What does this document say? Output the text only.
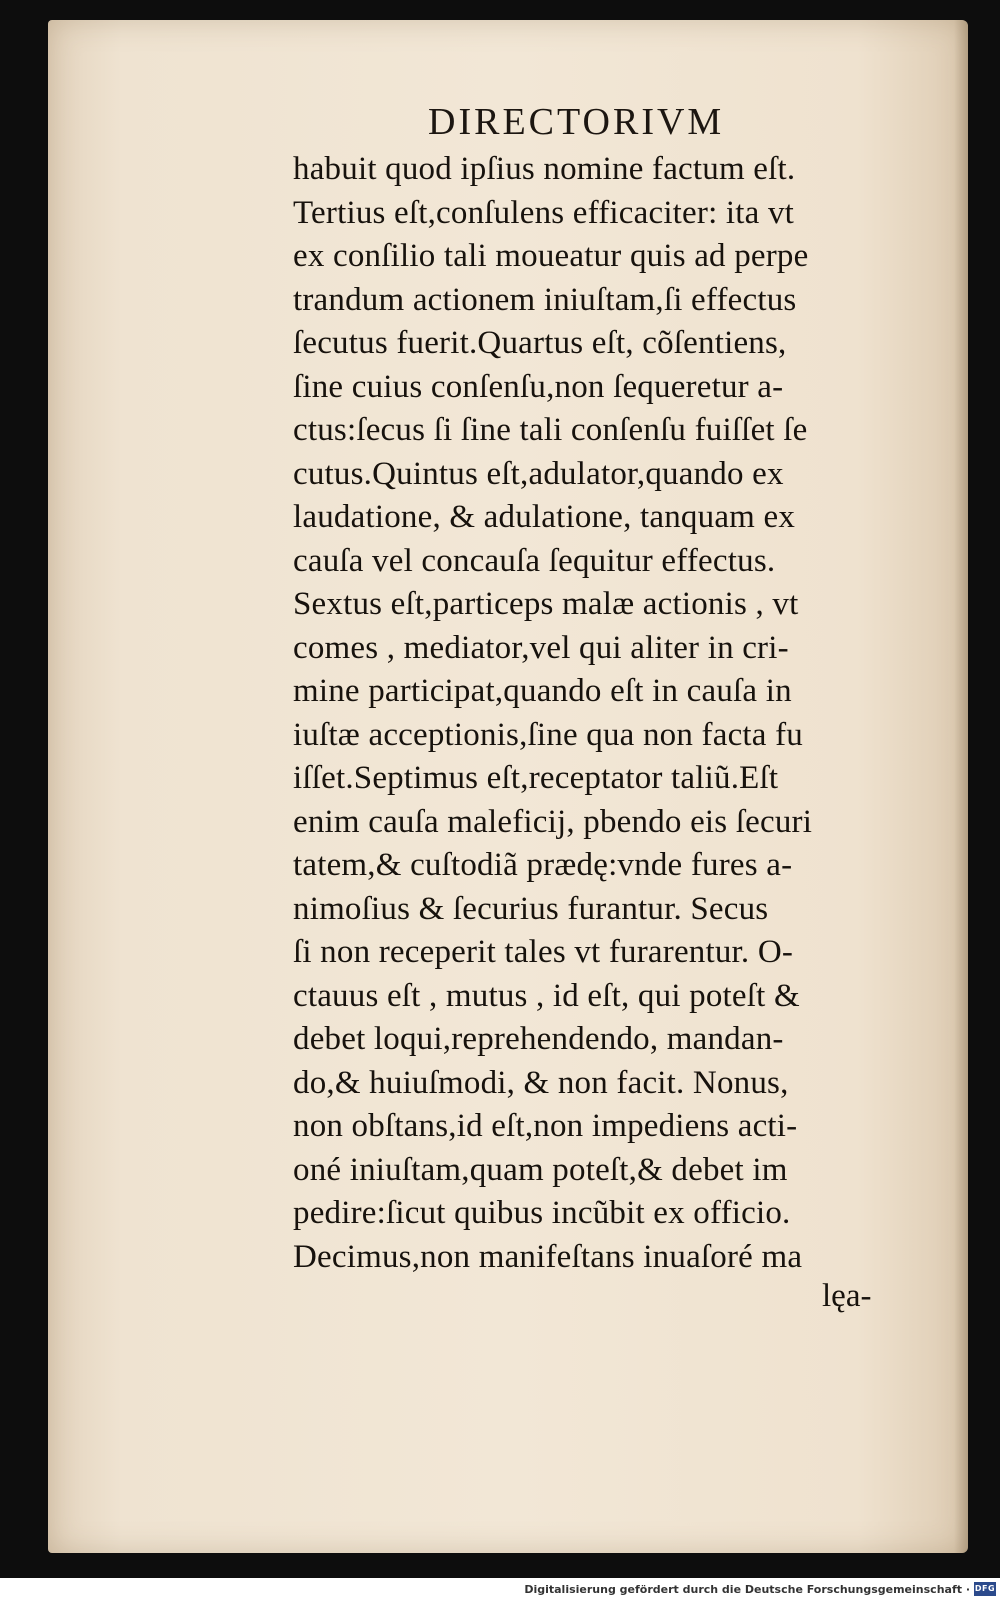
DIRECTORIVM
habuit quod ipſius nomine factum eſt.
Tertius eſt,conſulens efficaciter: ita vt
ex conſilio tali moueatur quis ad perpe
trandum actionem iniuſtam,ſi effectus
ſecutus fuerit.Quartus eſt, cõſentiens,
ſine cuius conſenſu,non ſequeretur a-
ctus:ſecus ſi ſine tali conſenſu fuiſſet ſe
cutus.Quintus eſt,adulator,quando ex
laudatione, & adulatione, tanquam ex
cauſa vel concauſa ſequitur effectus.
Sextus eſt,particeps malæ actionis , vt
comes , mediator,vel qui aliter in cri-
mine participat,quando eſt in cauſa in
iuſtæ acceptionis,ſine qua non facta fu
iſſet.Septimus eſt,receptator taliũ.Eſt
enim cauſa maleficij, pbendo eis ſecuri
tatem,& cuſtodiã prædę:vnde fures a-
nimoſius & ſecurius furantur. Secus
ſi non receperit tales vt furarentur. O-
ctauus eſt , mutus , id eſt, qui poteſt &
debet loqui,reprehendendo, mandan-
do,& huiuſmodi, & non facit. Nonus,
non obſtans,id eſt,non impediens acti-
oné iniuſtam,quam poteſt,& debet im
pedire:ſicut quibus incũbit ex officio.
Decimus,non manifeſtans inuaſoré ma
lęa-
Digitalisierung gefördert durch die Deutsche Forschungsgemeinschaft · DFG
